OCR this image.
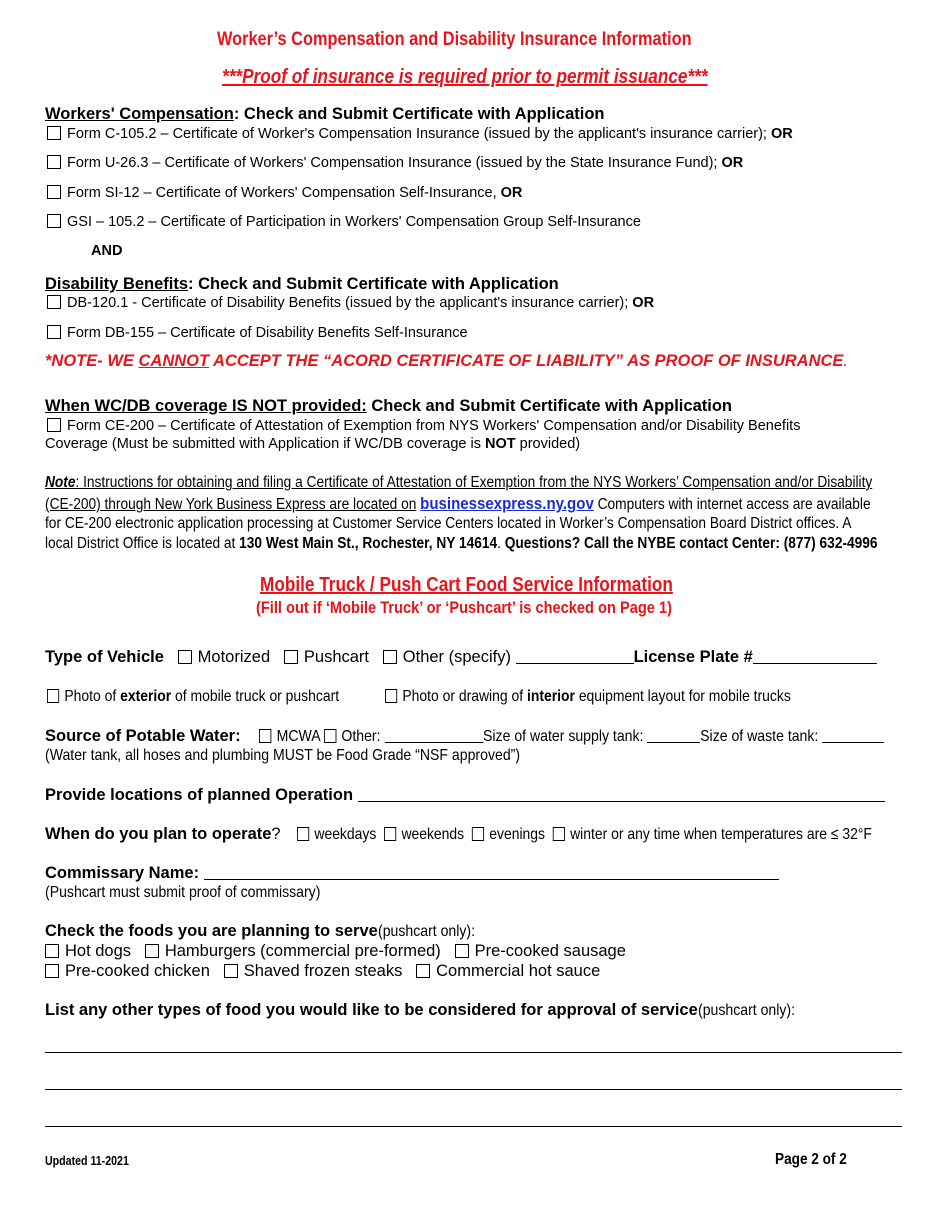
Worker’s Compensation and Disability Insurance Information
***Proof of insurance is required prior to permit issuance***
Workers' Compensation: Check and Submit Certificate with Application
Form C-105.2 – Certificate of Worker's Compensation Insurance (issued by the applicant's insurance carrier); OR
Form U-26.3 – Certificate of Workers' Compensation Insurance (issued by the State Insurance Fund); OR
Form SI-12 – Certificate of Workers' Compensation Self-Insurance, OR
GSI – 105.2 – Certificate of Participation in Workers' Compensation Group Self-Insurance
AND
Disability Benefits: Check and Submit Certificate with Application
DB-120.1 - Certificate of Disability Benefits (issued by the applicant's insurance carrier); OR
Form DB-155 – Certificate of Disability Benefits Self-Insurance
*NOTE- WE CANNOT ACCEPT THE “ACORD CERTIFICATE OF LIABILITY” AS PROOF OF INSURANCE.
When WC/DB coverage IS NOT provided: Check and Submit Certificate with Application
Form CE-200 – Certificate of Attestation of Exemption from NYS Workers' Compensation and/or Disability Benefits
Coverage (Must be submitted with Application if WC/DB coverage is NOT provided)
Note: Instructions for obtaining and filing a Certificate of Attestation of Exemption from the NYS Workers’ Compensation and/or Disability
(CE-200) through New York Business Express are located on businessexpress.ny.gov Computers with internet access are available
for CE-200 electronic application processing at Customer Service Centers located in Worker’s Compensation Board District offices. A
local District Office is located at 130 West Main St., Rochester, NY 14614. Questions? Call the NYBE contact Center: (877) 632-4996
Mobile Truck / Push Cart Food Service Information
(Fill out if ‘Mobile Truck’ or ‘Pushcart’ is checked on Page 1)
Type of Vehicle Motorized Pushcart Other (specify)	License Plate #
Photo of exterior of mobile truck or pushcart	Photo or drawing of interior equipment layout for mobile trucks
Source of Potable Water:	MCWA Other:	Size of water supply tank:	Size of waste tank:
(Water tank, all hoses and plumbing MUST be Food Grade “NSF approved”)
Provide locations of planned Operation
When do you plan to operate?	weekdays weekends evenings winter or any time when temperatures are ≤ 32°F
Commissary Name:
(Pushcart must submit proof of commissary)
Check the foods you are planning to serve(pushcart only):
Hot dogs Hamburgers (commercial pre-formed) Pre-cooked sausage
Pre-cooked chicken Shaved frozen steaks Commercial hot sauce
List any other types of food you would like to be considered for approval of service(pushcart only):
Updated 11-2021	Page 2 of 2
